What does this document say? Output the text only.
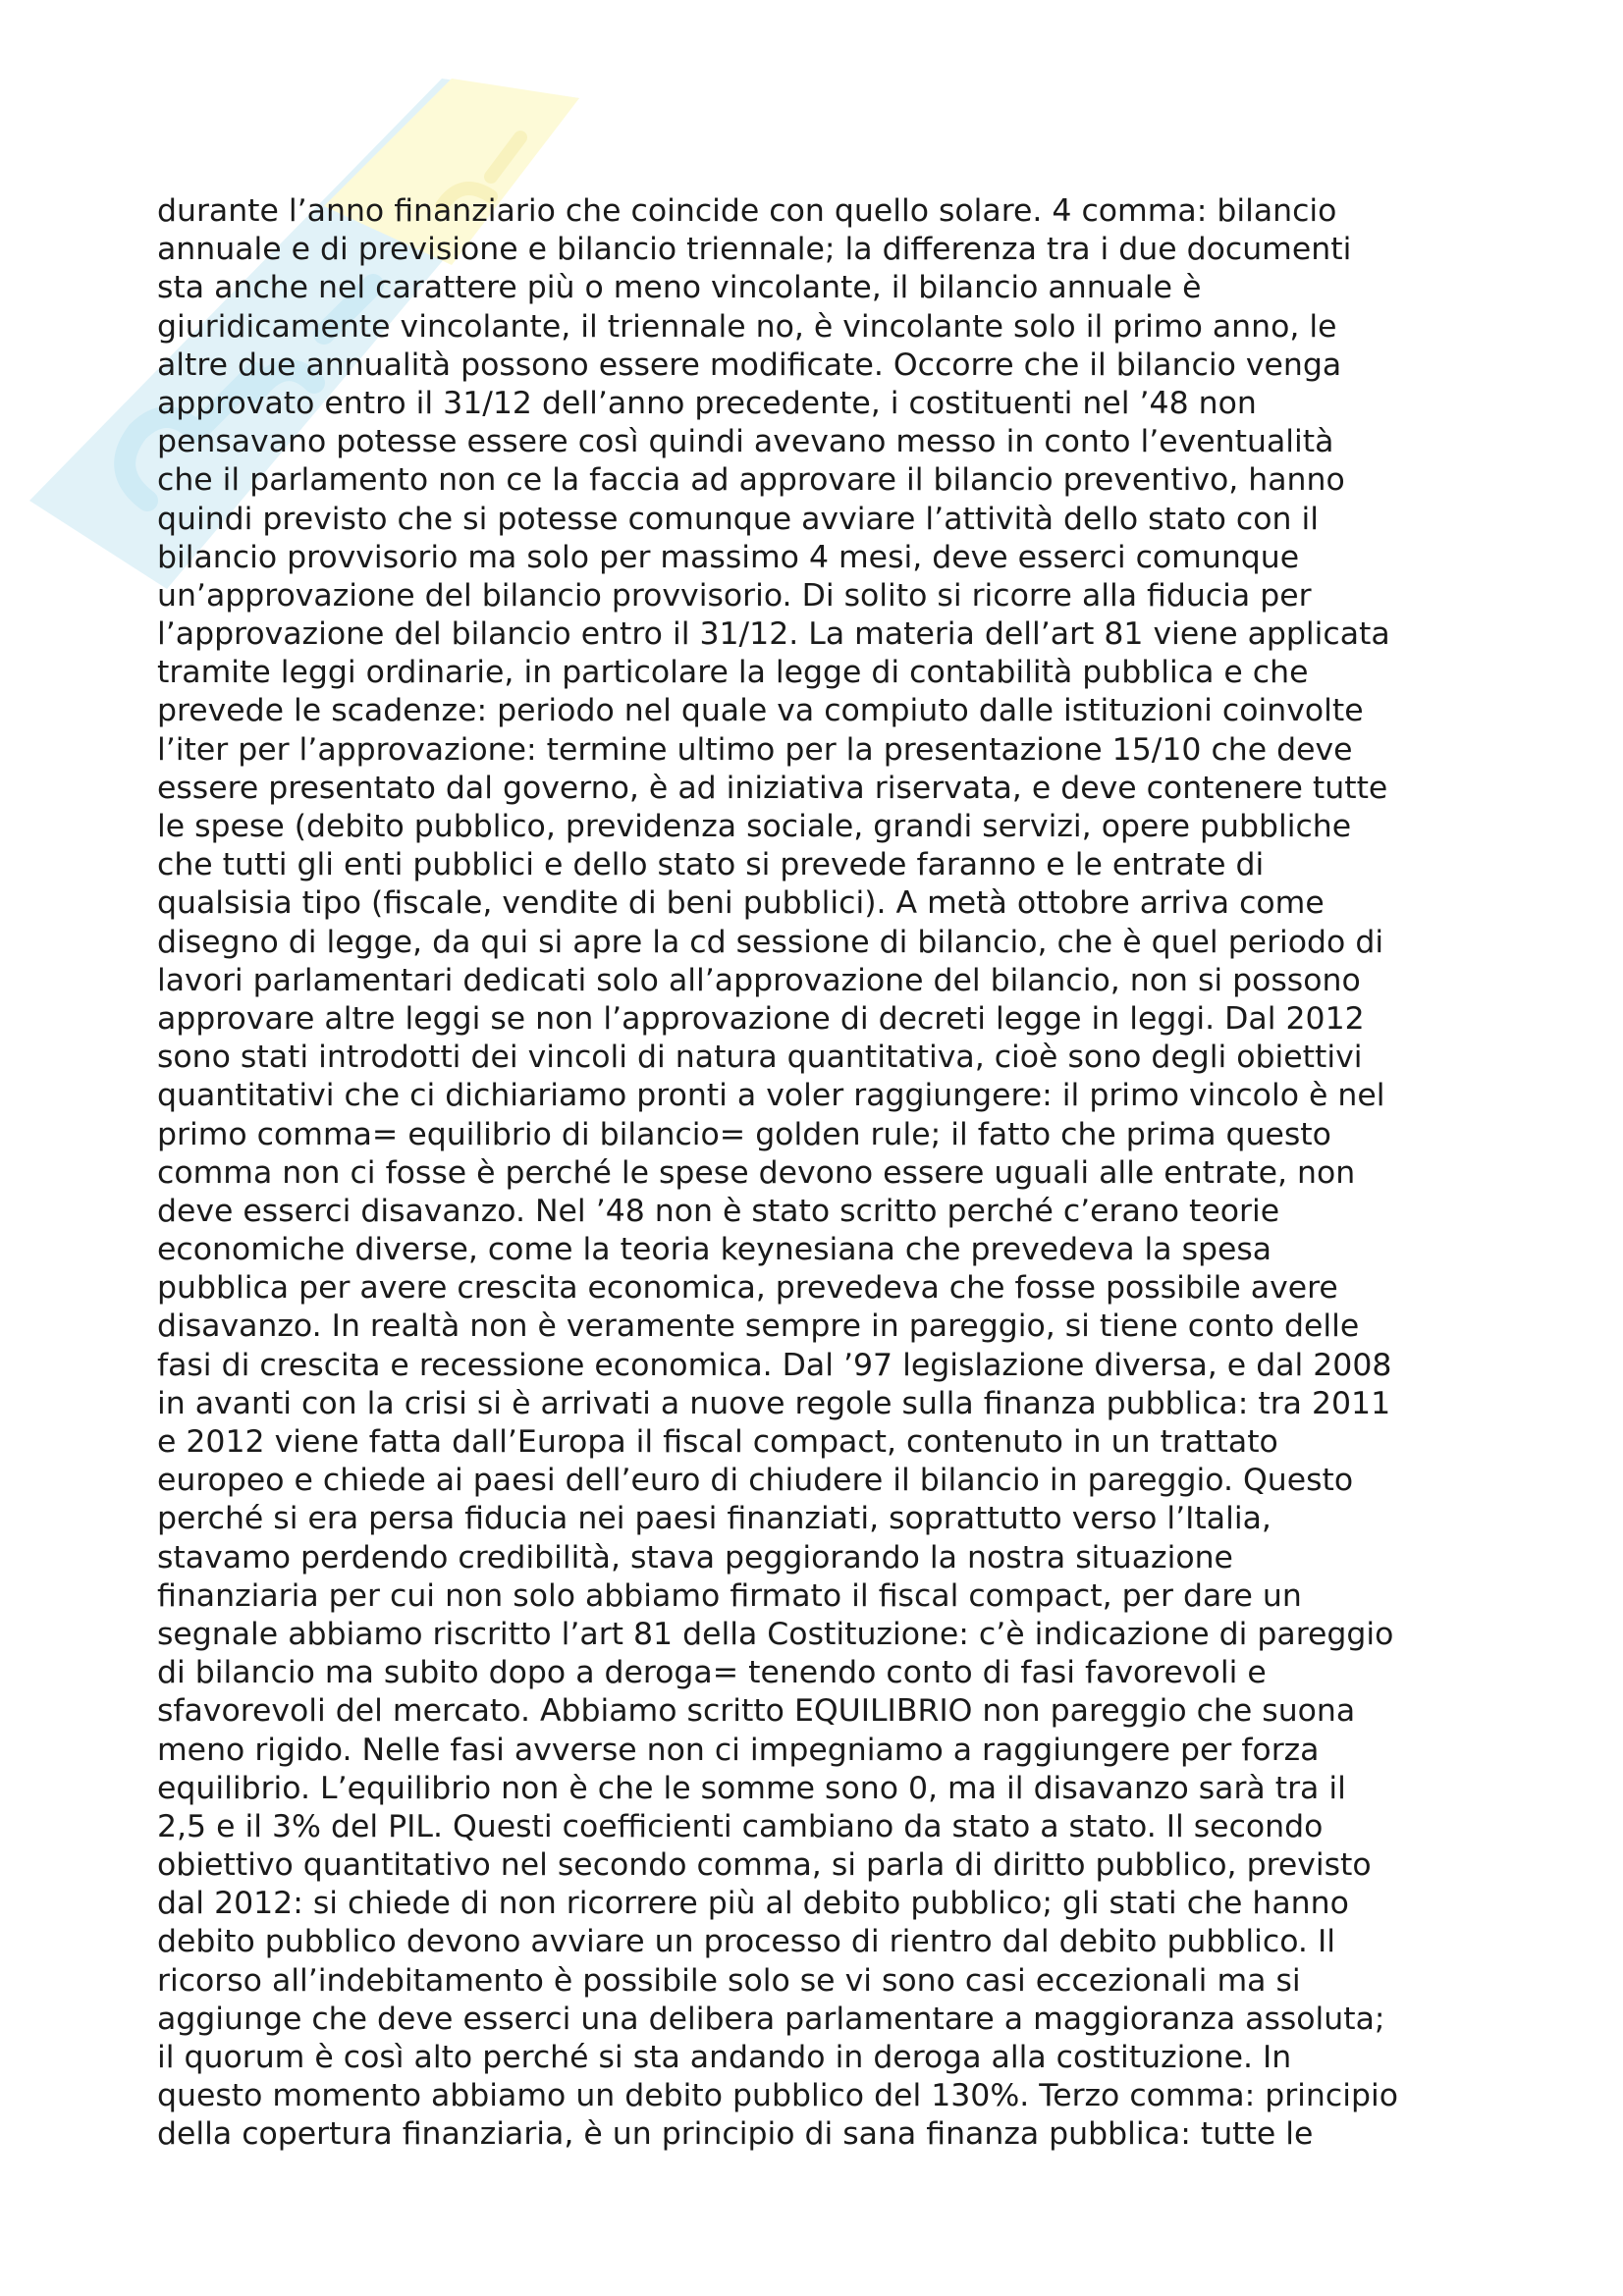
durante l’anno finanziario che coincide con quello solare. 4 comma: bilancio
annuale e di previsione e bilancio triennale; la differenza tra i due documenti
sta anche nel carattere più o meno vincolante, il bilancio annuale è
giuridicamente vincolante, il triennale no, è vincolante solo il primo anno, le
altre due annualità possono essere modificate. Occorre che il bilancio venga
approvato entro il 31/12 dell’anno precedente, i costituenti nel ’48 non
pensavano potesse essere così quindi avevano messo in conto l’eventualità
che il parlamento non ce la faccia ad approvare il bilancio preventivo, hanno
quindi previsto che si potesse comunque avviare l’attività dello stato con il
bilancio provvisorio ma solo per massimo 4 mesi, deve esserci comunque
un’approvazione del bilancio provvisorio. Di solito si ricorre alla fiducia per
l’approvazione del bilancio entro il 31/12. La materia dell’art 81 viene applicata
tramite leggi ordinarie, in particolare la legge di contabilità pubblica e che
prevede le scadenze: periodo nel quale va compiuto dalle istituzioni coinvolte
l’iter per l’approvazione: termine ultimo per la presentazione 15/10 che deve
essere presentato dal governo, è ad iniziativa riservata, e deve contenere tutte
le spese (debito pubblico, previdenza sociale, grandi servizi, opere pubbliche
che tutti gli enti pubblici e dello stato si prevede faranno e le entrate di
qualsisia tipo (fiscale, vendite di beni pubblici). A metà ottobre arriva come
disegno di legge, da qui si apre la cd sessione di bilancio, che è quel periodo di
lavori parlamentari dedicati solo all’approvazione del bilancio, non si possono
approvare altre leggi se non l’approvazione di decreti legge in leggi. Dal 2012
sono stati introdotti dei vincoli di natura quantitativa, cioè sono degli obiettivi
quantitativi che ci dichiariamo pronti a voler raggiungere: il primo vincolo è nel
primo comma= equilibrio di bilancio= golden rule; il fatto che prima questo
comma non ci fosse è perché le spese devono essere uguali alle entrate, non
deve esserci disavanzo. Nel ’48 non è stato scritto perché c’erano teorie
economiche diverse, come la teoria keynesiana che prevedeva la spesa
pubblica per avere crescita economica, prevedeva che fosse possibile avere
disavanzo. In realtà non è veramente sempre in pareggio, si tiene conto delle
fasi di crescita e recessione economica. Dal ’97 legislazione diversa, e dal 2008
in avanti con la crisi si è arrivati a nuove regole sulla finanza pubblica: tra 2011
e 2012 viene fatta dall’Europa il fiscal compact, contenuto in un trattato
europeo e chiede ai paesi dell’euro di chiudere il bilancio in pareggio. Questo
perché si era persa fiducia nei paesi finanziati, soprattutto verso l’Italia,
stavamo perdendo credibilità, stava peggiorando la nostra situazione
finanziaria per cui non solo abbiamo firmato il fiscal compact, per dare un
segnale abbiamo riscritto l’art 81 della Costituzione: c’è indicazione di pareggio
di bilancio ma subito dopo a deroga= tenendo conto di fasi favorevoli e
sfavorevoli del mercato. Abbiamo scritto EQUILIBRIO non pareggio che suona
meno rigido. Nelle fasi avverse non ci impegniamo a raggiungere per forza
equilibrio. L’equilibrio non è che le somme sono 0, ma il disavanzo sarà tra il
2,5 e il 3% del PIL. Questi coefficienti cambiano da stato a stato. Il secondo
obiettivo quantitativo nel secondo comma, si parla di diritto pubblico, previsto
dal 2012: si chiede di non ricorrere più al debito pubblico; gli stati che hanno
debito pubblico devono avviare un processo di rientro dal debito pubblico. Il
ricorso all’indebitamento è possibile solo se vi sono casi eccezionali ma si
aggiunge che deve esserci una delibera parlamentare a maggioranza assoluta;
il quorum è così alto perché si sta andando in deroga alla costituzione. In
questo momento abbiamo un debito pubblico del 130%. Terzo comma: principio
della copertura finanziaria, è un principio di sana finanza pubblica: tutte le
